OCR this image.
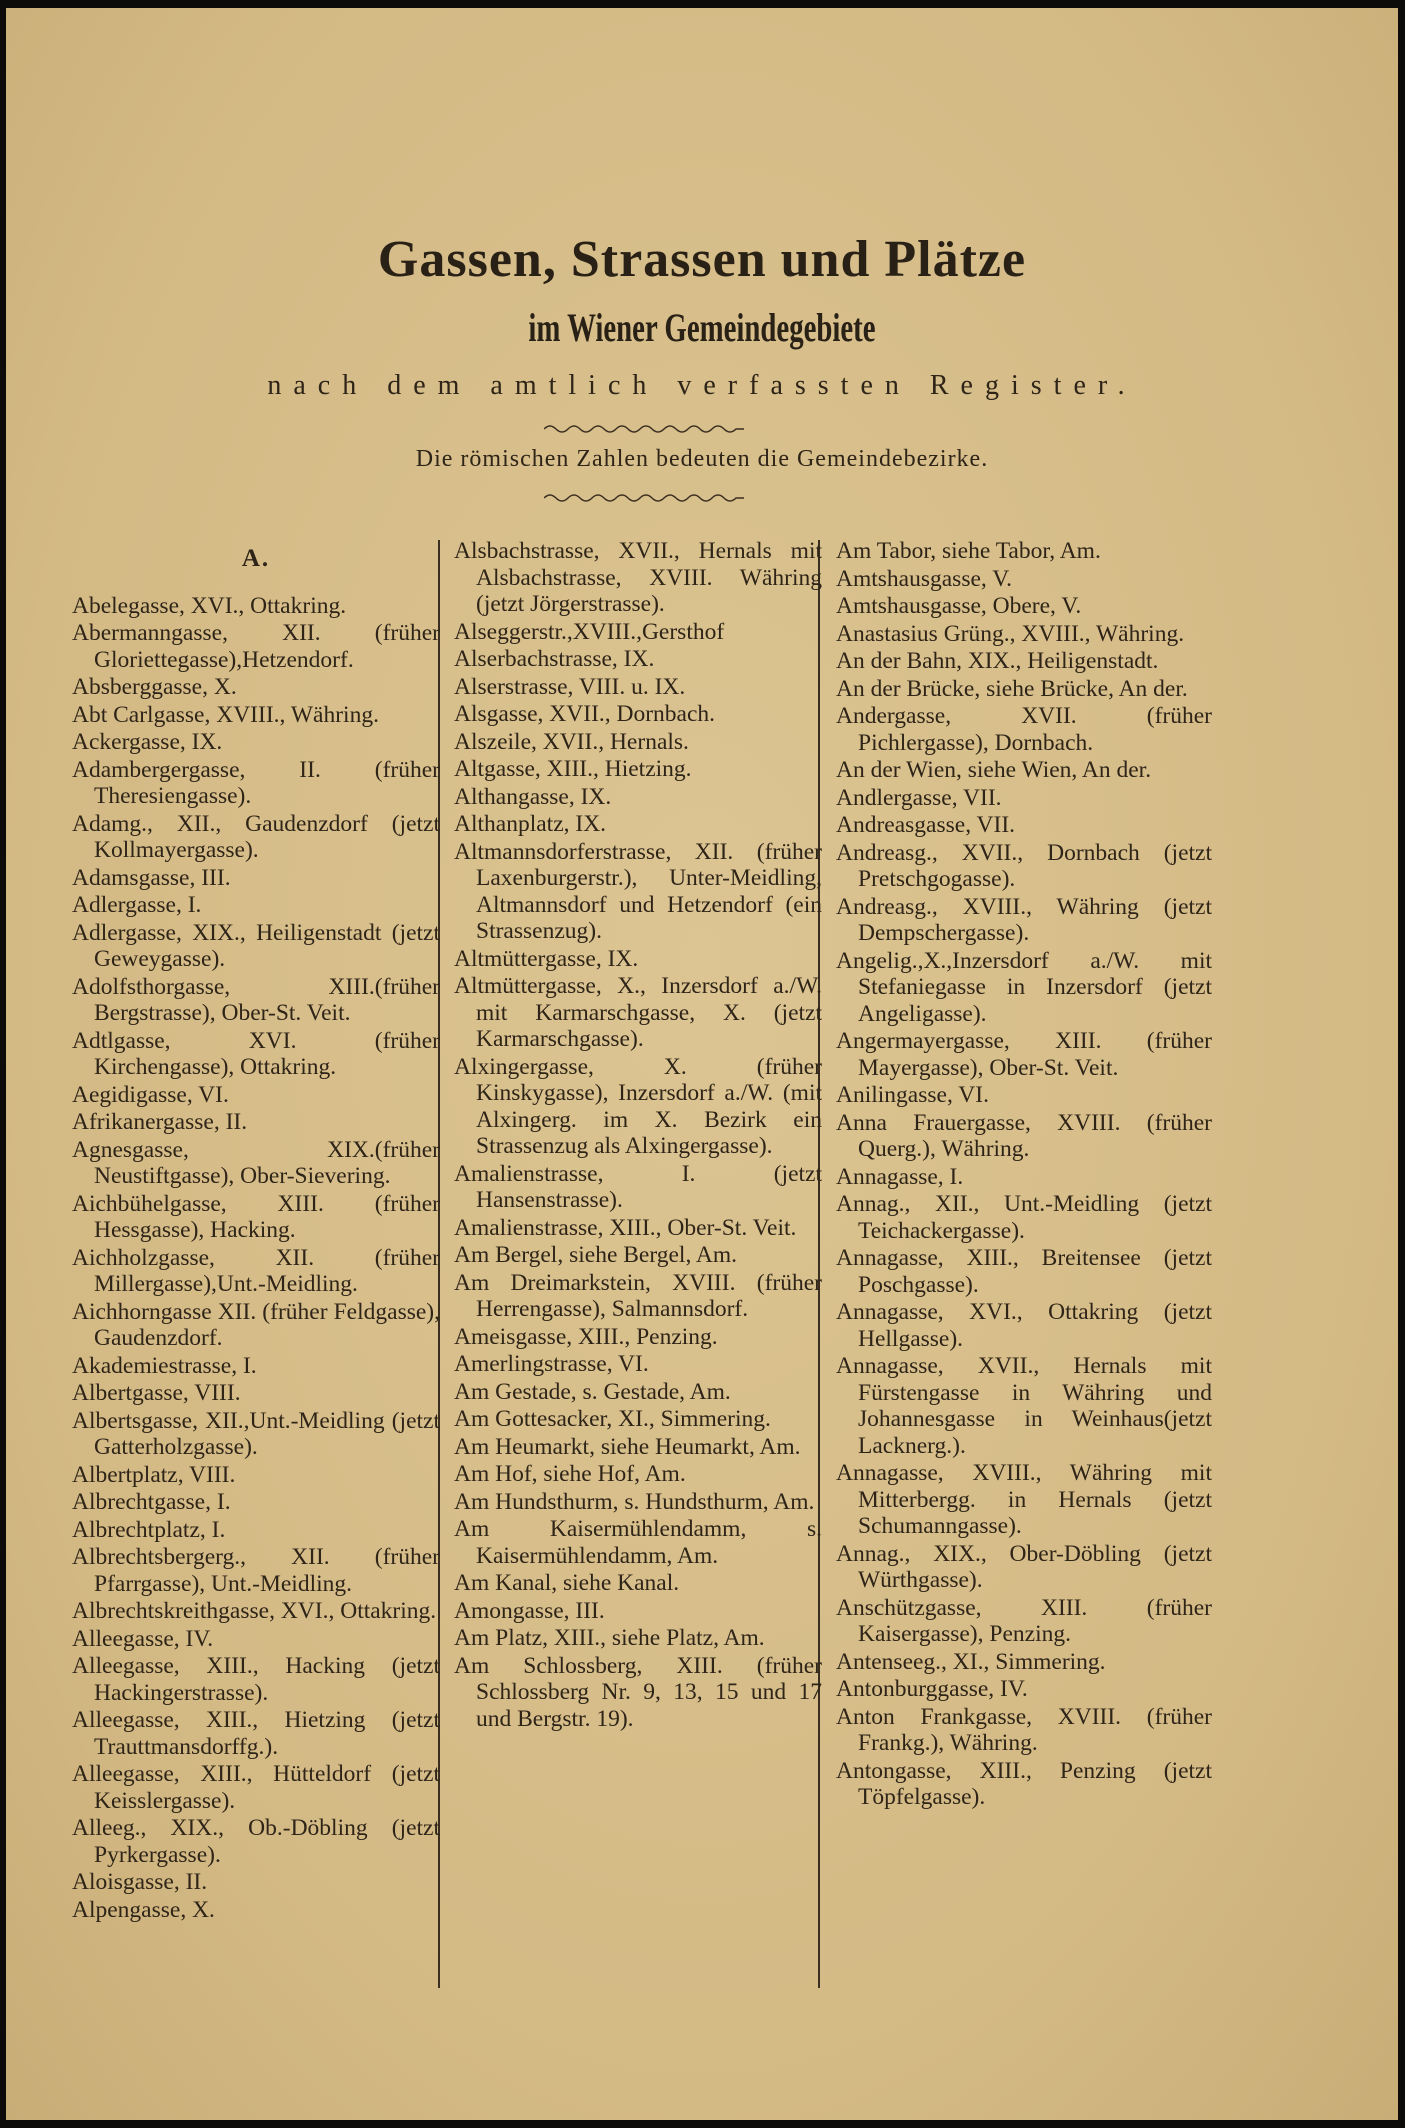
Gassen, Strassen und Plätze
im Wiener Gemeindegebiete
nach dem amtlich verfassten Register.
Die römischen Zahlen bedeuten die Gemeindebezirke.
A.
Abelegasse, XVI., Ottakring.
Abermanngasse, XII. (früher Gloriettegasse),Hetzendorf.
Absberggasse, X.
Abt Carlgasse, XVIII., Währing.
Ackergasse, IX.
Adambergergasse, II. (früher Theresiengasse).
Adamg., XII., Gaudenzdorf (jetzt Kollmayergasse).
Adamsgasse, III.
Adlergasse, I.
Adlergasse, XIX., Heiligenstadt (jetzt Geweygasse).
Adolfsthorgasse, XIII.(früher Bergstrasse), Ober-St. Veit.
Adtlgasse, XVI. (früher Kirchengasse), Ottakring.
Aegidigasse, VI.
Afrikanergasse, II.
Agnesgasse, XIX.(früher Neustiftgasse), Ober-Sievering.
Aichbühelgasse, XIII. (früher Hessgasse), Hacking.
Aichholzgasse, XII. (früher Millergasse),Unt.-Meidling.
Aichhorngasse XII. (früher Feldgasse), Gaudenzdorf.
Akademiestrasse, I.
Albertgasse, VIII.
Albertsgasse, XII.,Unt.-Meidling (jetzt Gatterholzgasse).
Albertplatz, VIII.
Albrechtgasse, I.
Albrechtplatz, I.
Albrechtsbergerg., XII. (früher Pfarrgasse), Unt.-Meidling.
Albrechtskreithgasse, XVI., Ottakring.
Alleegasse, IV.
Alleegasse, XIII., Hacking (jetzt Hackingerstrasse).
Alleegasse, XIII., Hietzing (jetzt Trauttmansdorffg.).
Alleegasse, XIII., Hütteldorf (jetzt Keisslergasse).
Alleeg., XIX., Ob.-Döbling (jetzt Pyrkergasse).
Aloisgasse, II.
Alpengasse, X.
Alsbachstrasse, XVII., Hernals mit Alsbachstrasse, XVIII. Währing (jetzt Jörgerstrasse).
Alseggerstr.,XVIII.,Gersthof
Alserbachstrasse, IX.
Alserstrasse, VIII. u. IX.
Alsgasse, XVII., Dornbach.
Alszeile, XVII., Hernals.
Altgasse, XIII., Hietzing.
Althangasse, IX.
Althanplatz, IX.
Altmannsdorferstrasse, XII. (früher Laxenburgerstr.), Unter-Meidling, Altmannsdorf und Hetzendorf (ein Strassenzug).
Altmüttergasse, IX.
Altmüttergasse, X., Inzersdorf a./W. mit Karmarschgasse, X. (jetzt Karmarschgasse).
Alxingergasse, X. (früher Kinskygasse), Inzersdorf a./W. (mit Alxingerg. im X. Bezirk ein Strassenzug als Alxingergasse).
Amalienstrasse, I. (jetzt Hansenstrasse).
Amalienstrasse, XIII., Ober-St. Veit.
Am Bergel, siehe Bergel, Am.
Am Dreimarkstein, XVIII. (früher Herrengasse), Salmannsdorf.
Ameisgasse, XIII., Penzing.
Amerlingstrasse, VI.
Am Gestade, s. Gestade, Am.
Am Gottesacker, XI., Simmering.
Am Heumarkt, siehe Heumarkt, Am.
Am Hof, siehe Hof, Am.
Am Hundsthurm, s. Hundsthurm, Am.
Am Kaisermühlendamm, s. Kaisermühlendamm, Am.
Am Kanal, siehe Kanal.
Amongasse, III.
Am Platz, XIII., siehe Platz, Am.
Am Schlossberg, XIII. (früher Schlossberg Nr. 9, 13, 15 und 17 und Bergstr. 19).
Am Tabor, siehe Tabor, Am.
Amtshausgasse, V.
Amtshausgasse, Obere, V.
Anastasius Grüng., XVIII., Währing.
An der Bahn, XIX., Heiligenstadt.
An der Brücke, siehe Brücke, An der.
Andergasse, XVII. (früher Pichlergasse), Dornbach.
An der Wien, siehe Wien, An der.
Andlergasse, VII.
Andreasgasse, VII.
Andreasg., XVII., Dornbach (jetzt Pretschgogasse).
Andreasg., XVIII., Währing (jetzt Dempschergasse).
Angelig.,X.,Inzersdorf a./W. mit Stefaniegasse in Inzersdorf (jetzt Angeligasse).
Angermayergasse, XIII. (früher Mayergasse), Ober-St. Veit.
Anilingasse, VI.
Anna Frauergasse, XVIII. (früher Querg.), Währing.
Annagasse, I.
Annag., XII., Unt.-Meidling (jetzt Teichackergasse).
Annagasse, XIII., Breitensee (jetzt Poschgasse).
Annagasse, XVI., Ottakring (jetzt Hellgasse).
Annagasse, XVII., Hernals mit Fürstengasse in Währing und Johannesgasse in Weinhaus(jetzt Lacknerg.).
Annagasse, XVIII., Währing mit Mitterbergg. in Hernals (jetzt Schumanngasse).
Annag., XIX., Ober-Döbling (jetzt Würthgasse).
Anschützgasse, XIII. (früher Kaisergasse), Penzing.
Antenseeg., XI., Simmering.
Antonburggasse, IV.
Anton Frankgasse, XVIII. (früher Frankg.), Währing.
Antongasse, XIII., Penzing (jetzt Töpfelgasse).
